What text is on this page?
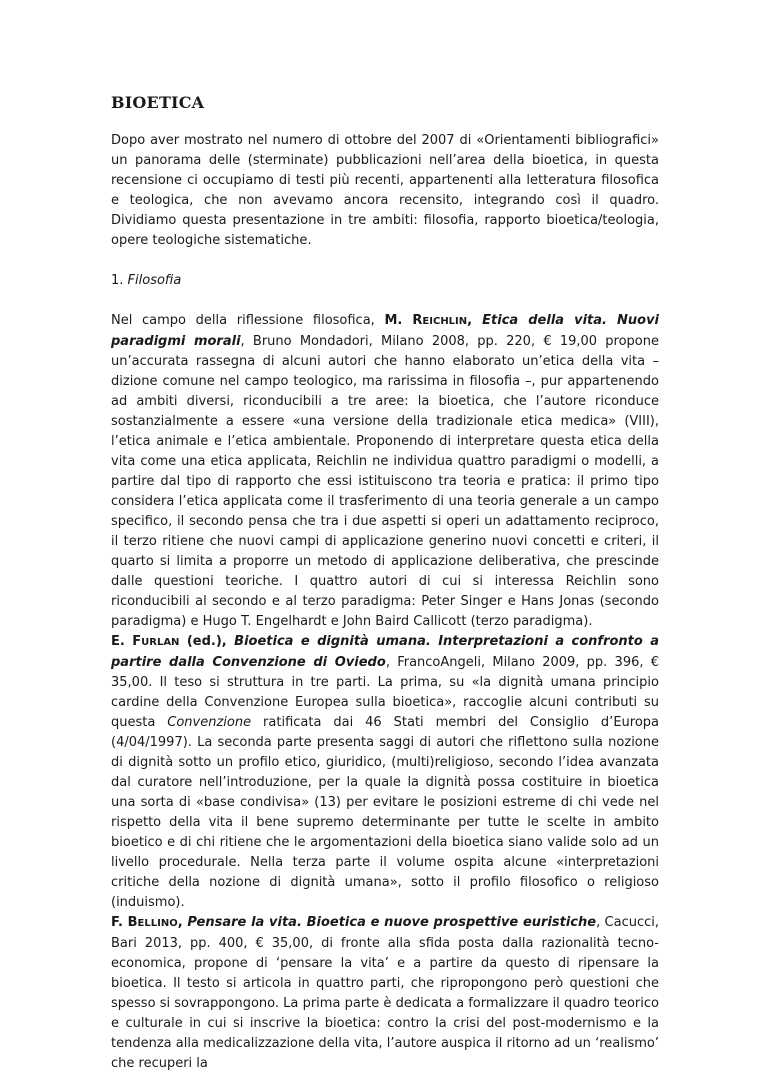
BIOETICA

Dopo aver mostrato nel numero di ottobre del 2007 di «Orientamenti bibliografici» un panorama delle (sterminate) pubblicazioni nell’area della bioetica, in questa recensione ci occupiamo di testi più recenti, appartenenti alla letteratura filosofica e teologica, che non avevamo ancora recensito, integrando così il quadro. Dividiamo questa presentazione in tre ambiti: filosofia, rapporto bioetica/teologia, opere teologiche sistematiche.

1. Filosofia

Nel campo della riflessione filosofica, M. REICHLIN, Etica della vita. Nuovi paradigmi morali, Bruno Mondadori, Milano 2008, pp. 220, € 19,00 propone un’accurata rassegna di alcuni autori che hanno elaborato un’etica della vita – dizione comune nel campo teologico, ma rarissima in filosofia –, pur appartenendo ad ambiti diversi, riconducibili a tre aree: la bioetica, che l’autore riconduce sostanzialmente a essere «una versione della tradizionale etica medica» (VIII), l’etica animale e l’etica ambientale. Proponendo di interpretare questa etica della vita come una etica applicata, Reichlin ne individua quattro paradigmi o modelli, a partire dal tipo di rapporto che essi istituiscono tra teoria e pratica: il primo tipo considera l’etica applicata come il trasferimento di una teoria generale a un campo specifico, il secondo pensa che tra i due aspetti si operi un adattamento reciproco, il terzo ritiene che nuovi campi di applicazione generino nuovi concetti e criteri, il quarto si limita a proporre un metodo di applicazione deliberativa, che prescinde dalle questioni teoriche. I quattro autori di cui si interessa Reichlin sono riconducibili al secondo e al terzo paradigma: Peter Singer e Hans Jonas (secondo paradigma) e Hugo T. Engelhardt e John Baird Callicott (terzo paradigma).

E. FURLAN (ed.), Bioetica e dignità umana. Interpretazioni a confronto a partire dalla Convenzione di Oviedo, FrancoAngeli, Milano 2009, pp. 396, € 35,00. Il teso si struttura in tre parti. La prima, su «la dignità umana principio cardine della Convenzione Europea sulla bioetica», raccoglie alcuni contributi su questa Convenzione ratificata dai 46 Stati membri del Consiglio d’Europa (4/04/1997). La seconda parte presenta saggi di autori che riflettono sulla nozione di dignità sotto un profilo etico, giuridico, (multi)religioso, secondo l’idea avanzata dal curatore nell’introduzione, per la quale la dignità possa costituire in bioetica una sorta di «base condivisa» (13) per evitare le posizioni estreme di chi vede nel rispetto della vita il bene supremo determinante per tutte le scelte in ambito bioetico e di chi ritiene che le argomentazioni della bioetica siano valide solo ad un livello procedurale. Nella terza parte il volume ospita alcune «interpretazioni critiche della nozione di dignità umana», sotto il profilo filosofico o religioso (induismo).

F. BELLINO, Pensare la vita. Bioetica e nuove prospettive euristiche, Cacucci, Bari 2013, pp. 400, € 35,00, di fronte alla sfida posta dalla razionalità tecno-economica, propone di ‘pensare la vita’ e a partire da questo di ripensare la bioetica. Il testo si articola in quattro parti, che ripropongono però questioni che spesso si sovrappongono. La prima parte è dedicata a formalizzare il quadro teorico e culturale in cui si inscrive la bioetica: contro la crisi del post-modernismo e la tendenza alla medicalizzazione della vita, l’autore auspica il ritorno ad un ‘realismo’ che recuperi la
